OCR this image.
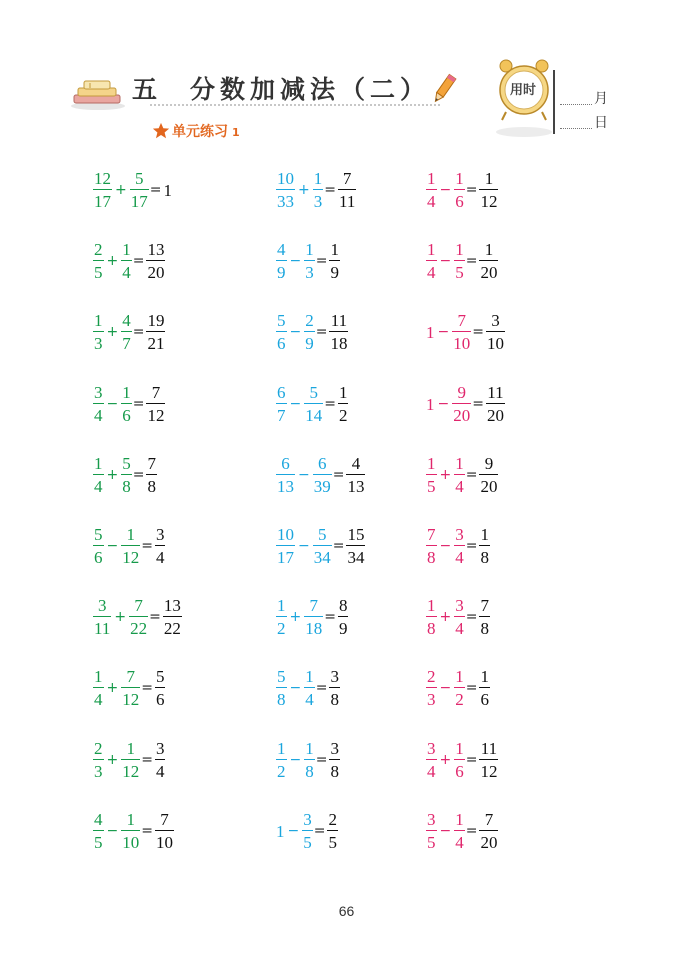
五 分数加减法（二）	用时
月
日
单元练习 1
$\frac{12}{17} + \frac{5}{17} = 1$
$\frac{2}{5} + \frac{1}{4} = \frac{13}{20}$
$\frac{1}{3} + \frac{4}{7} = \frac{19}{21}$
$\frac{3}{4} - \frac{1}{6} = \frac{7}{12}$
$\frac{1}{4} + \frac{5}{8} = \frac{7}{8}$
$\frac{5}{6} - \frac{1}{12} = \frac{3}{4}$
$\frac{3}{11} + \frac{7}{22} = \frac{13}{22}$
$\frac{1}{4} + \frac{7}{12} = \frac{5}{6}$
$\frac{2}{3} + \frac{1}{12} = \frac{3}{4}$
$\frac{4}{5} - \frac{1}{10} = \frac{7}{10}$
$\frac{10}{33} + \frac{1}{3} = \frac{7}{11}$
$\frac{4}{9} - \frac{1}{3} = \frac{1}{9}$
$\frac{5}{6} - \frac{2}{9} = \frac{11}{18}$
$\frac{6}{7} - \frac{5}{14} = \frac{1}{2}$
$\frac{6}{13} - \frac{6}{39} = \frac{4}{13}$
$\frac{10}{17} - \frac{5}{34} = \frac{15}{34}$
$\frac{1}{2} + \frac{7}{18} = \frac{8}{9}$
$\frac{5}{8} - \frac{1}{4} = \frac{3}{8}$
$\frac{1}{2} - \frac{1}{8} = \frac{3}{8}$
$1 - \frac{3}{5} = \frac{2}{5}$
$\frac{1}{4} - \frac{1}{6} = \frac{1}{12}$
$\frac{1}{4} - \frac{1}{5} = \frac{1}{20}$
$1 - \frac{7}{10} = \frac{3}{10}$
$1 - \frac{9}{20} = \frac{11}{20}$
$\frac{1}{5} + \frac{1}{4} = \frac{9}{20}$
$\frac{7}{8} - \frac{3}{4} = \frac{1}{8}$
$\frac{1}{8} + \frac{3}{4} = \frac{7}{8}$
$\frac{2}{3} - \frac{1}{2} = \frac{1}{6}$
$\frac{3}{4} + \frac{1}{6} = \frac{11}{12}$
$\frac{3}{5} - \frac{1}{4} = \frac{7}{20}$
66
